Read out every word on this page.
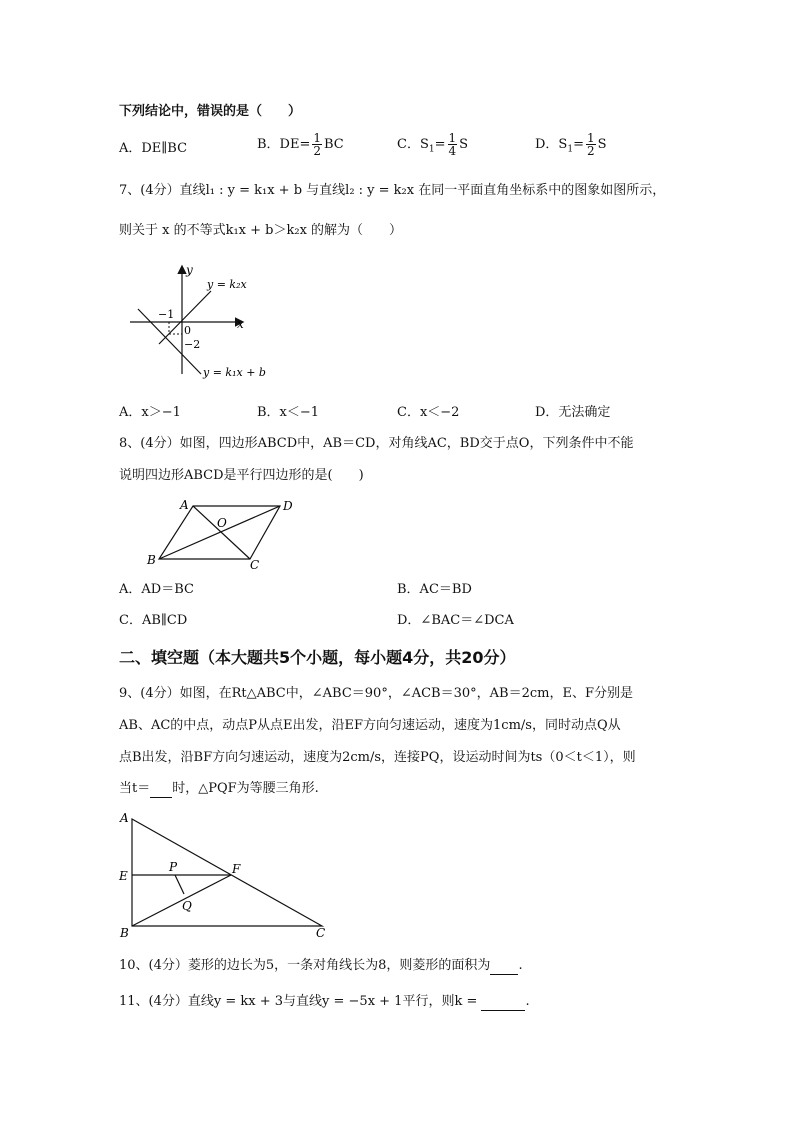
下列结论中，错误的是（　　）
A．DE∥BC	B．$DE= \frac{1}{2}$ BC	C．$S_1= \frac{1}{4}$ S	D．$S_1= \frac{1}{2}$ S
7、(4分）直线l₁ : y = k₁x + b 与直线l₂ : y = k₂x 在同一平面直角坐标系中的图象如图所示，
则关于 x 的不等式k₁x + b＞k₂x 的解为（　　）
y
x
y = k₂x
y = k₁x + b
−1
0
−2
A．x＞−1	B．x＜−1	C．x＜−2	D．无法确定
8、(4分）如图，四边形ABCD中，AB＝CD，对角线AC，BD交于点O，下列条件中不能
说明四边形ABCD是平行四边形的是(　　)
A	D
B	C
O
A．AD＝BC	B．AC＝BD
C．AB∥CD	D．∠BAC＝∠DCA
二、填空题（本大题共5个小题，每小题4分，共20分）
9、(4分）如图，在Rt△ABC中，∠ABC＝90°，∠ACB＝30°，AB＝2cm，E、F分别是
AB、AC的中点，动点P从点E出发，沿EF方向匀速运动，速度为1cm/s，同时动点Q从
点B出发，沿BF方向匀速运动，速度为2cm/s，连接PQ，设运动时间为ts（0＜t＜1），则
当t＝ 时，△PQF为等腰三角形.
A
E
B
P
Q
F
C
10、(4分）菱形的边长为5，一条对角线长为8，则菱形的面积为 .
11、(4分）直线y = kx + 3与直线y = −5x + 1平行，则k =	.
